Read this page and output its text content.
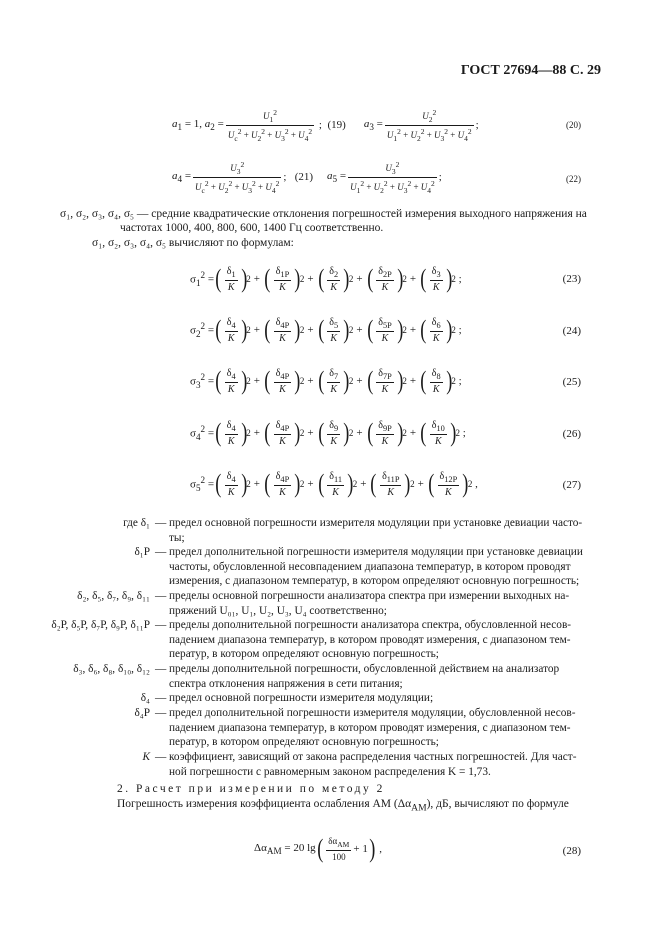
ГОСТ 27694—88 С. 29
$a_1 = 1$, $a_2 = \frac{U_1^2}{U_c^2 + U_2^2 + U_3^2 + U_4^2}$ ; (19) $a_3 = \frac{U_2^2}{U_1^2 + U_2^2 + U_3^2 + U_4^2}$ ;	(20)
$a_4 = \frac{U_3^2}{U_c^2 + U_2^2 + U_3^2 + U_4^2}$ ; (21) $a_5 = \frac{U_3^2}{U_1^2 + U_2^2 + U_3^2 + U_4^2}$ ;	(22)
σ₁, σ₂, σ₃, σ₄, σ₅ — средние квадратические отклонения погрешностей измерения выходного напряжения на
частотах 1000, 400, 800, 600, 1400 Гц соответственно.
σ₁, σ₂, σ₃, σ₄, σ₅ вычисляют по формулам:
$\sigma_1^2$ = ( $\delta_1$
K ) 2 + ( $\delta_{1P}$
K ) 2 + ( $\delta_2$
K ) 2 + ( $\delta_{2P}$
K ) 2 + ( $\delta_3$
K ) 2 ;	(23)
$\sigma_2^2$ = ( $\delta_4$
K ) 2 + ( $\delta_{4P}$
K ) 2 + ( $\delta_5$
K ) 2 + ( $\delta_{5P}$
K ) 2 + ( $\delta_6$
K ) 2 ;	(24)
$\sigma_3^2$ = ( $\delta_4$
K ) 2 + ( $\delta_{4P}$
K ) 2 + ( $\delta_7$
K ) 2 + ( $\delta_{7P}$
K ) 2 + ( $\delta_8$
K ) 2 ;	(25)
$\sigma_4^2$ = ( $\delta_4$
K ) 2 + ( $\delta_{4P}$
K ) 2 + ( $\delta_9$
K ) 2 + ( $\delta_{9P}$
K ) 2 + ( $\delta_{10}$
K ) 2 ;	(26)
$\sigma_5^2$ = ( $\delta_4$
K ) 2 + ( $\delta_{4P}$
K ) 2 + ( $\delta_{11}$
K ) 2 + ( $\delta_{11P}$
K ) 2 + ( $\delta_{12P}$
K ) 2 ,	(27)
где δ₁ — предел основной погрешности измерителя модуляции при установке девиации часто-
ты;
δ₁Р — предел дополнительной погрешности измерителя модуляции при установке девиации
частоты, обусловленной несовпадением диапазона температур, в котором проводят
измерения, с диапазоном температур, в котором определяют основную погрешность;
δ₂, δ₅, δ₇, δ₉, δ₁₁ — пределы основной погрешности анализатора спектра при измерении выходных на-
пряжений U₀₁, U₁, U₂, U₃, U₄ соответственно;
δ₂Р, δ₅Р, δ₇Р, δ₉Р, δ₁₁Р — пределы дополнительной погрешности анализатора спектра, обусловленной несов-
падением диапазона температур, в котором проводят измерения, с диапазоном тем-
ператур, в котором определяют основную погрешность;
δ₃, δ₆, δ₈, δ₁₀, δ₁₂ — пределы дополнительной погрешности, обусловленной действием на анализатор
спектра отклонения напряжения в сети питания;
δ₄ — предел основной погрешности измерителя модуляции;
δ₄Р — предел дополнительной погрешности измерителя модуляции, обусловленной несов-
падением диапазона температур, в котором проводят измерения, с диапазоном тем-
ператур, в котором определяют основную погрешность;
K — коэффициент, зависящий от закона распределения частных погрешностей. Для част-
ной погрешности с равномерным законом распределения K = 1,73.
2. Расчет при измерении по методу 2
Погрешность измерения коэффициента ослабления АМ $(\Delta\alpha_{АМ})$, дБ, вычисляют по формуле
$\Delta\alpha_{АМ} = 20$ lg ( $\delta\alpha_{АМ}$
100
+ 1 ) ,	(28)
